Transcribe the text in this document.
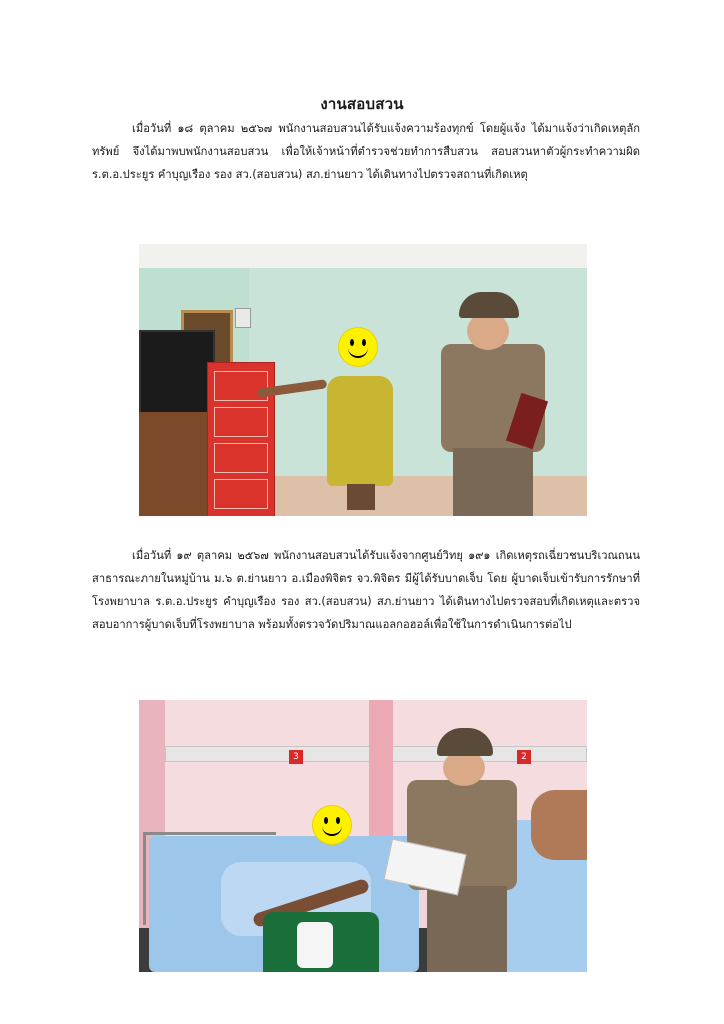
งานสอบสวน

เมื่อวันที่ ๑๘ ตุลาคม ๒๕๖๗ พนักงานสอบสวนได้รับแจ้งความร้องทุกข์ โดยผู้แจ้ง ได้มาแจ้งว่าเกิดเหตุลักทรัพย์ จึงได้มาพบพนักงานสอบสวน เพื่อให้เจ้าหน้าที่ตำรวจช่วยทำการสืบสวน สอบสวนหาตัวผู้กระทำความผิด ร.ต.อ.ประยูร คำบุญเรือง รอง สว.(สอบสวน) สภ.ย่านยาว ได้เดินทางไปตรวจสถานที่เกิดเหตุ

เมื่อวันที่ ๑๙ ตุลาคม ๒๕๖๗ พนักงานสอบสวนได้รับแจ้งจากศูนย์วิทยุ ๑๙๑ เกิดเหตุรถเฉี่ยวชนบริเวณถนนสาธารณะภายในหมู่บ้าน ม.๖ ต.ย่านยาว อ.เมืองพิจิตร จว.พิจิตร มีผู้ได้รับบาดเจ็บ โดย ผู้บาดเจ็บเข้ารับการรักษาที่โรงพยาบาล ร.ต.อ.ประยูร คำบุญเรือง รอง สว.(สอบสวน) สภ.ย่านยาว ได้เดินทางไปตรวจสอบที่เกิดเหตุและตรวจสอบอาการผู้บาดเจ็บที่โรงพยาบาล พร้อมทั้งตรวจวัดปริมาณแอลกอฮอล์เพื่อใช้ในการดำเนินการต่อไป

3	2
